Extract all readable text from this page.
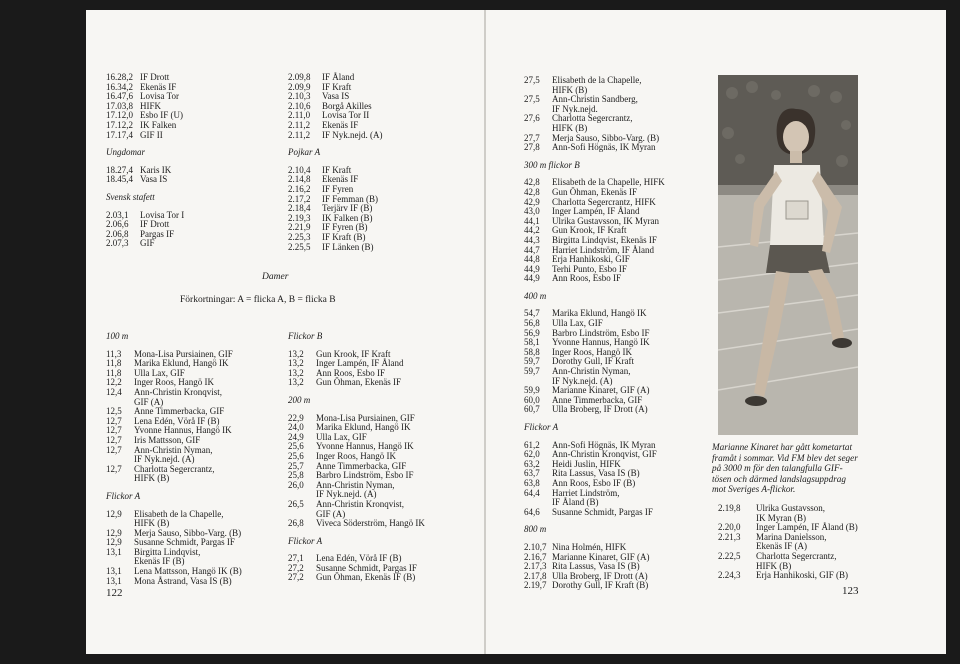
16.28,2 IF Drott
16.34,2 Ekenäs IF
16.47,6 Lovisa Tor
17.03,8 HIFK
17.12,0 Esbo IF (U)
17.12,2 IK Falken
17.17,4 GIF II
Ungdomar
18.27,4 Karis IK
18.45,4 Vasa IS
Svensk stafett
2.03,1	Lovisa Tor I
2.06,6	IF Drott
2.06,8	Pargas IF
2.07,3	GIF
2.09,8	IF Åland
2.09,9	IF Kraft
2.10,3	Vasa IS
2.10,6	Borgå Akilles
2.11,0	Lovisa Tor II
2.11,2	Ekenäs IF
2.11,2	IF Nyk.nejd. (A)
Pojkar A
2.10,4	IF Kraft
2.14,8	Ekenäs IF
2.16,2	IF Fyren
2.17,2	IF Femman (B)
2.18,4	Terjärv IF (B)
2.19,3	IK Falken (B)
2.21,9	IF Fyren (B)
2.25,3	IF Kraft (B)
2.25,5	IF Länken (B)
Damer
Förkortningar: A = flicka A, B = flicka B
100 m
11,3	Mona-Lisa Pursiainen, GIF
11,8	Marika Eklund, Hangö IK
11,8	Ulla Lax, GIF
12,2	Inger Roos, Hangö IK
12,4	Ann-Christin Kronqvist,
GIF (A)
12,5	Anne Timmerbacka, GIF
12,7	Lena Edén, Vörå IF (B)
12,7	Yvonne Hannus, Hangö IK
12,7	Iris Mattsson, GIF
12,7	Ann-Christin Nyman,
IF Nyk.nejd. (A)
12,7	Charlotta Segercrantz,
HIFK (B)
Flickor A
12,9	Elisabeth de la Chapelle,
HIFK (B)
12,9	Merja Sauso, Sibbo-Varg. (B)
12,9	Susanne Schmidt, Pargas IF
13,1	Birgitta Lindqvist,
Ekenäs IF (B)
13,1	Lena Mattsson, Hangö IK (B)
13,1	Mona Åstrand, Vasa IS (B)
Flickor B
13,2	Gun Krook, IF Kraft
13,2	Inger Lampén, IF Åland
13,2	Ann Roos, Esbo IF
13,2	Gun Öhman, Ekenäs IF
200 m
22,9	Mona-Lisa Pursiainen, GIF
24,0	Marika Eklund, Hangö IK
24,9	Ulla Lax, GIF
25,6	Yvonne Hannus, Hangö IK
25,6	Inger Roos, Hangö IK
25,7	Anne Timmerbacka, GIF
25,8	Barbro Lindström, Esbo IF
26,0	Ann-Christin Nyman,
IF Nyk.nejd. (A)
26,5	Ann-Christin Kronqvist,
GIF (A)
26,8	Viveca Söderström, Hangö IK
Flickor A
27,1	Lena Edén, Vörå IF (B)
27,2	Susanne Schmidt, Pargas IF
27,2	Gun Öhman, Ekenäs IF (B)
122
27,5	Elisabeth de la Chapelle,
HIFK (B)
27,5	Ann-Christin Sandberg,
IF Nyk.nejd.
27,6	Charlotta Segercrantz,
HIFK (B)
27,7	Merja Sauso, Sibbo-Varg. (B)
27,8	Ann-Sofi Högnäs, IK Myran
300 m flickor B
42,8	Elisabeth de la Chapelle, HIFK
42,8	Gun Öhman, Ekenäs IF
42,9	Charlotta Segercrantz, HIFK
43,0	Inger Lampén, IF Åland
44,1	Ulrika Gustavsson, IK Myran
44,2	Gun Krook, IF Kraft
44,3	Birgitta Lindqvist, Ekenäs IF
44,7	Harriet Lindström, IF Åland
44,8	Erja Hanhikoski, GIF
44,9	Terhi Punto, Esbo IF
44,9	Ann Roos, Esbo IF
400 m
54,7	Marika Eklund, Hangö IK
56,8	Ulla Lax, GIF
56,9	Barbro Lindström, Esbo IF
58,1	Yvonne Hannus, Hangö IK
58,8	Inger Roos, Hangö IK
59,7	Dorothy Gull, IF Kraft
59,7	Ann-Christin Nyman,
IF Nyk.nejd. (A)
59,9	Marianne Kinaret, GIF (A)
60,0	Anne Timmerbacka, GIF
60,7	Ulla Broberg, IF Drott (A)
Flickor A
61,2	Ann-Sofi Högnäs, IK Myran
62,0	Ann-Christin Kronqvist, GIF
63,2	Heidi Juslin, HIFK
63,7	Rita Lassus, Vasa IS (B)
63,8	Ann Roos, Esbo IF (B)
64,4	Harriet Lindström,
IF Åland (B)
64,6	Susanne Schmidt, Pargas IF
800 m
2.10,7 Nina Holmén, HIFK
2.16,7 Marianne Kinaret, GIF (A)
2.17,3 Rita Lassus, Vasa IS (B)
2.17,8 Ulla Broberg, IF Drott (A)
2.19,7 Dorothy Gull, IF Kraft (B)
Marianne Kinaret har gått kometartat framåt i sommar. Vid FM blev det seger på 3000 m för den talangfulla GIF-tösen och därmed landslagsuppdrag mot Sveriges A-flickor.
2.19,8	Ulrika Gustavsson,
IK Myran (B)
2.20,0	Inger Lampén, IF Åland (B)
2.21,3	Marina Danielsson,
Ekenäs IF (A)
2.22,5	Charlotta Segercrantz,
HIFK (B)
2.24,3	Erja Hanhikoski, GIF (B)
123
